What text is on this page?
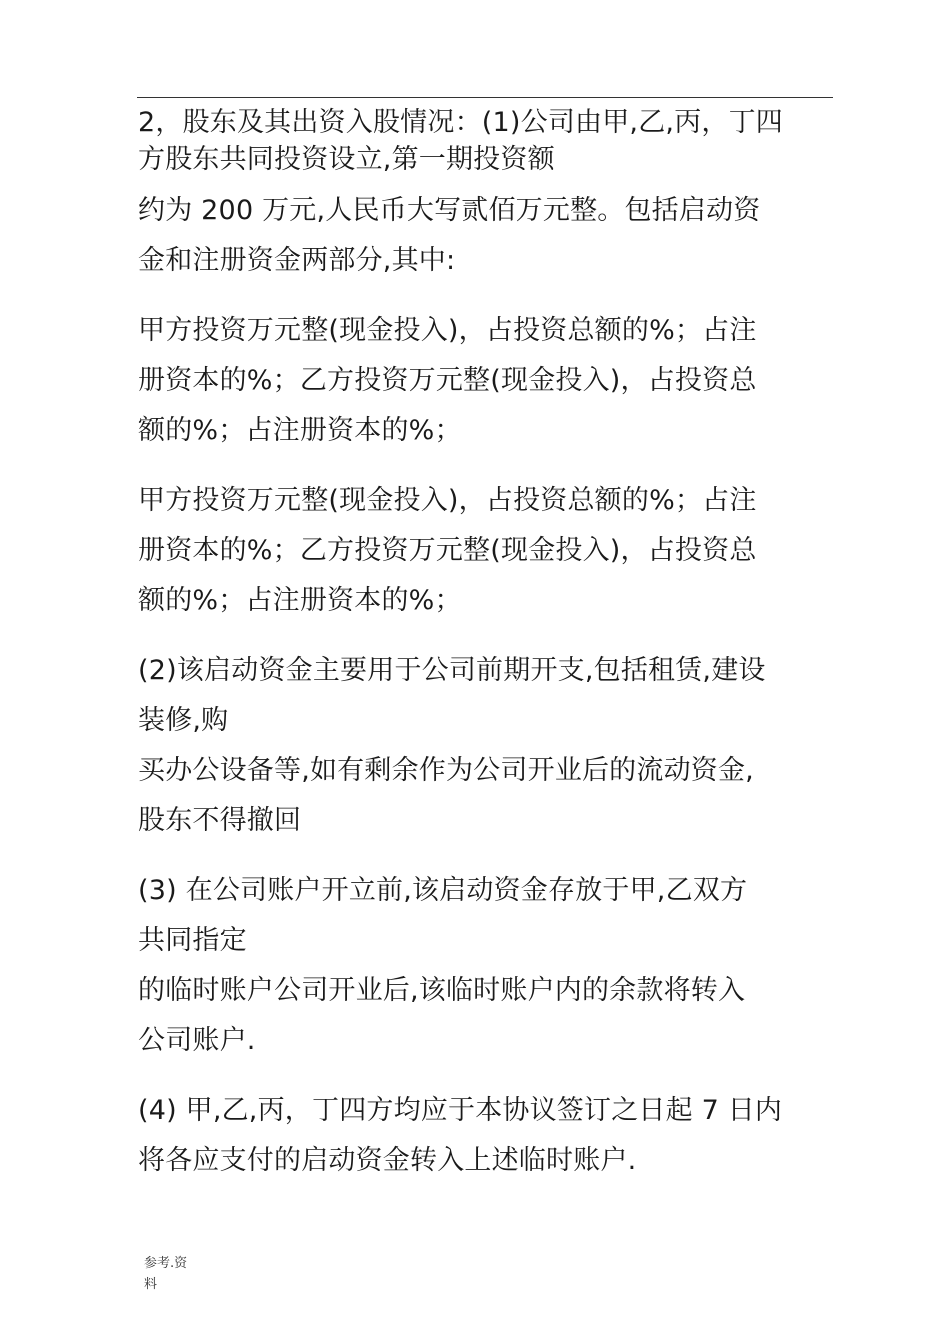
2，股东及其出资入股情况：(1)公司由甲,乙,丙，丁四
方股东共同投资设立,第一期投资额
约为 200 万元,人民币大写贰佰万元整。包括启动资
金和注册资金两部分,其中:
甲方投资万元整(现金投入)，占投资总额的%；占注
册资本的%；乙方投资万元整(现金投入)，占投资总
额的%；占注册资本的%；
甲方投资万元整(现金投入)，占投资总额的%；占注
册资本的%；乙方投资万元整(现金投入)，占投资总
额的%；占注册资本的%；
(2)该启动资金主要用于公司前期开支,包括租赁,建设
装修,购
买办公设备等,如有剩余作为公司开业后的流动资金,
股东不得撤回
(3) 在公司账户开立前,该启动资金存放于甲,乙双方
共同指定
的临时账户公司开业后,该临时账户内的余款将转入
公司账户.
(4) 甲,乙,丙，丁四方均应于本协议签订之日起 7 日内
将各应支付的启动资金转入上述临时账户.
参考.资
料
